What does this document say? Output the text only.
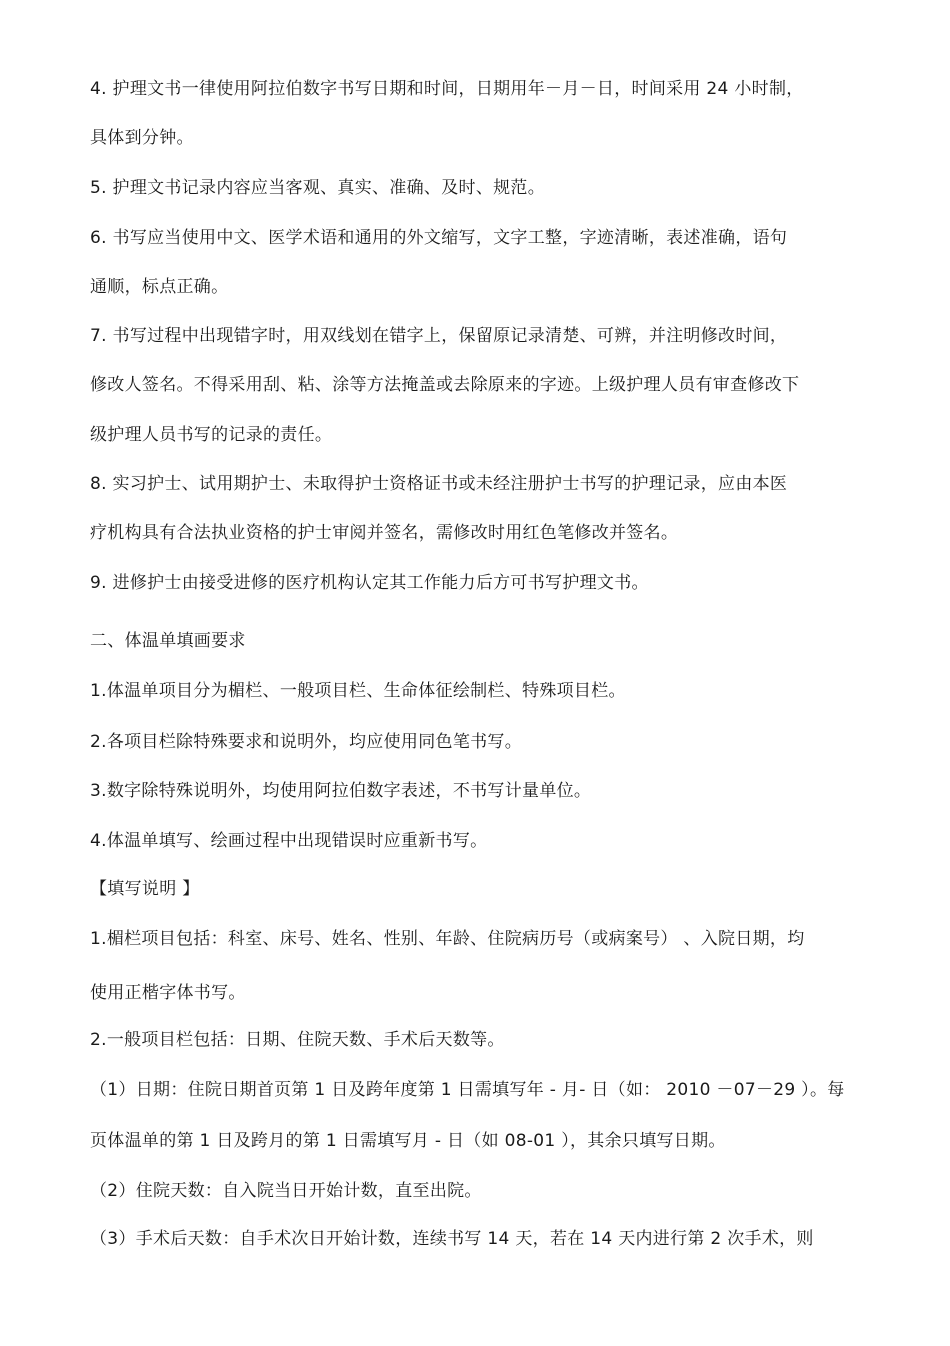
4. 护理文书一律使用阿拉伯数字书写日期和时间，日期用年－月－日，时间采用 24 小时制，
具体到分钟。
5. 护理文书记录内容应当客观、真实、准确、及时、规范。
6. 书写应当使用中文、医学术语和通用的外文缩写，文字工整，字迹清晰，表述准确，语句
通顺，标点正确。
7. 书写过程中出现错字时，用双线划在错字上，保留原记录清楚、可辨，并注明修改时间，
修改人签名。不得采用刮、粘、涂等方法掩盖或去除原来的字迹。上级护理人员有审查修改下
级护理人员书写的记录的责任。
8. 实习护士、试用期护士、未取得护士资格证书或未经注册护士书写的护理记录，应由本医
疗机构具有合法执业资格的护士审阅并签名，需修改时用红色笔修改并签名。
9. 进修护士由接受进修的医疗机构认定其工作能力后方可书写护理文书。
二、体温单填画要求
1.体温单项目分为楣栏、一般项目栏、生命体征绘制栏、特殊项目栏。
2.各项目栏除特殊要求和说明外，均应使用同色笔书写。
3.数字除特殊说明外，均使用阿拉伯数字表述，不书写计量单位。
4.体温单填写、绘画过程中出现错误时应重新书写。
【填写说明 】
1.楣栏项目包括：科室、床号、姓名、性别、年龄、住院病历号（或病案号） 、入院日期，均
使用正楷字体书写。
2.一般项目栏包括：日期、住院天数、手术后天数等。
（1）日期：住院日期首页第 1 日及跨年度第 1 日需填写年 - 月- 日（如： 2010 －07－29 ）。每
页体温单的第 1 日及跨月的第 1 日需填写月 - 日（如 08-01 ），其余只填写日期。
（2）住院天数：自入院当日开始计数，直至出院。
（3）手术后天数：自手术次日开始计数，连续书写 14 天，若在 14 天内进行第 2 次手术，则
